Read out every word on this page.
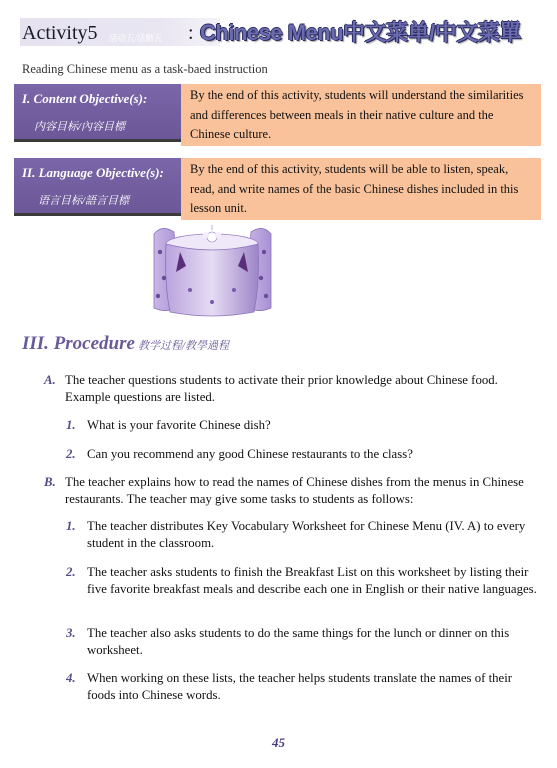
Activity5 活动五/活動五 : Chinese Menu中文菜单/中文菜單
Reading Chinese menu as a task-baed instruction
I. Content Objective(s):
内容目标/內容目標
By the end of this activity, students will understand the similarities and differences between meals in their native culture and the Chinese culture.
II. Language Objective(s):
语言目标/語言目標
By the end of this activity, students will be able to listen, speak, read, and write names of the basic Chinese dishes included in this lesson unit.
III. Procedure 教学过程/教學過程
A. The teacher questions students to activate their prior knowledge about Chinese food. Example questions are listed.
1. What is your favorite Chinese dish?
2. Can you recommend any good Chinese restaurants to the class?
B. The teacher explains how to read the names of Chinese dishes from the menus in Chinese restaurants. The teacher may give some tasks to students as follows:
1. The teacher distributes Key Vocabulary Worksheet for Chinese Menu (IV. A) to every student in the classroom.
2. The teacher asks students to finish the Breakfast List on this worksheet by listing their five favorite breakfast meals and describe each one in English or their native languages.
3. The teacher also asks students to do the same things for the lunch or dinner on this worksheet.
4. When working on these lists, the teacher helps students translate the names of their foods into Chinese words.
45
